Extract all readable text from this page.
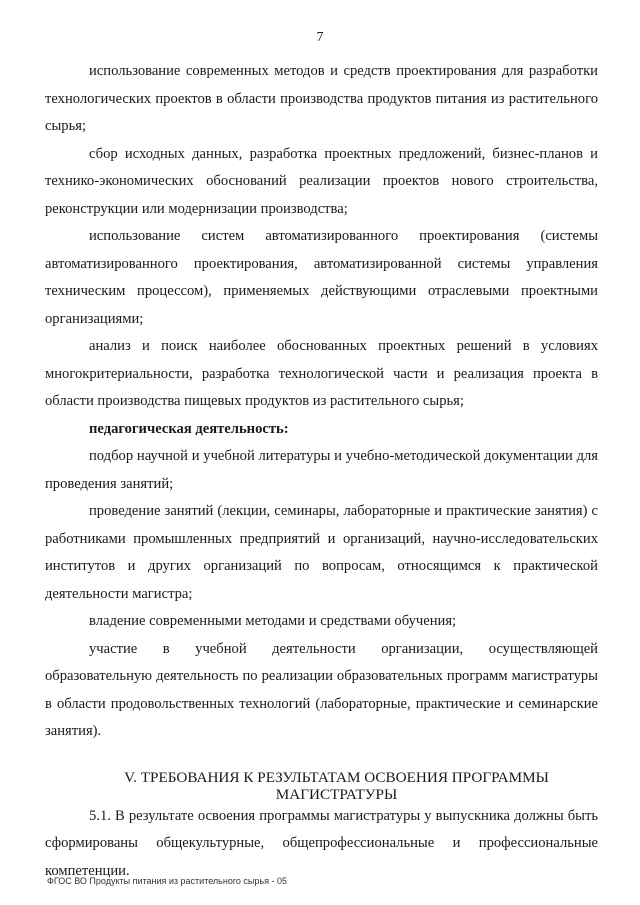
7

использование современных методов и средств проектирования для разработки технологических проектов в области производства продуктов питания из растительного сырья;

сбор исходных данных, разработка проектных предложений, бизнес-планов и технико-экономических обоснований реализации проектов нового строительства, реконструкции или модернизации производства;

использование систем автоматизированного проектирования (системы автоматизированного проектирования, автоматизированной системы управления техническим процессом), применяемых действующими отраслевыми проектными организациями;

анализ и поиск наиболее обоснованных проектных решений в условиях многокритериальности, разработка технологической части и реализация проекта в области производства пищевых продуктов из растительного сырья;

педагогическая деятельность:

подбор научной и учебной литературы и учебно-методической документации для проведения занятий;

проведение занятий (лекции, семинары, лабораторные и практические занятия) с работниками промышленных предприятий и организаций, научно-исследовательских институтов и других организаций по вопросам, относящимся к практической деятельности магистра;

владение современными методами и средствами обучения;

участие в учебной деятельности организации, осуществляющей образовательную деятельность по реализации образовательных программ магистратуры в области продовольственных технологий (лабораторные, практические и семинарские занятия).

V. ТРЕБОВАНИЯ К РЕЗУЛЬТАТАМ ОСВОЕНИЯ ПРОГРАММЫ

МАГИСТРАТУРЫ

5.1. В результате освоения программы магистратуры у выпускника должны быть сформированы общекультурные, общепрофессиональные и профессиональные компетенции.

ФГОС ВО Продукты питания из растительного сырья - 05
